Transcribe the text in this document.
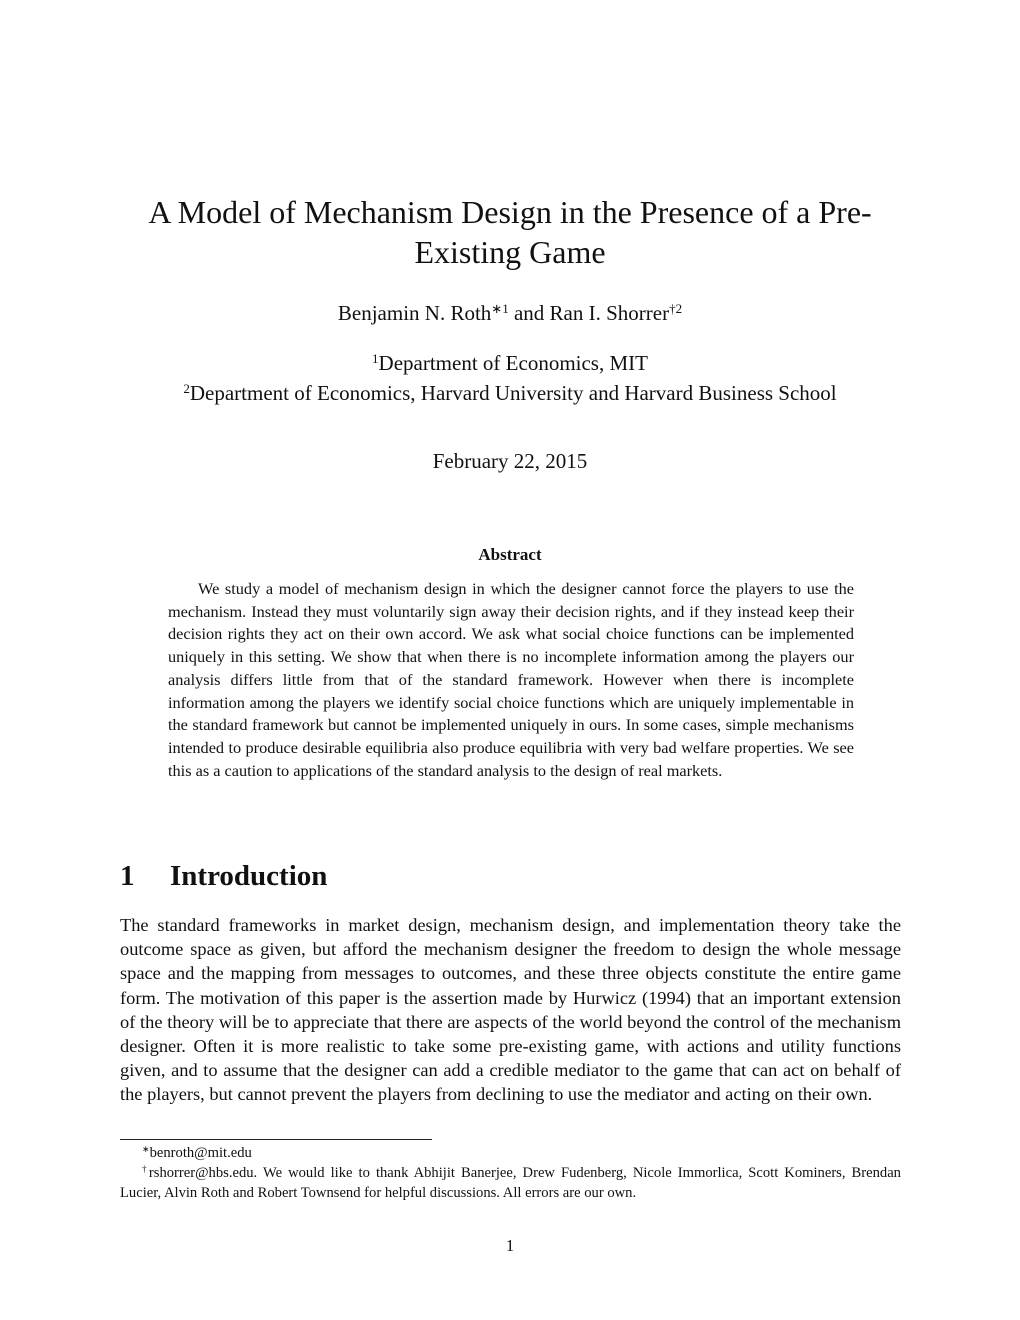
A Model of Mechanism Design in the Presence of a Pre-Existing Game
Benjamin N. Roth$^{∗1}$ and Ran I. Shorrer$^{\dagger 2}$
$^1$Department of Economics, MIT
$^2$Department of Economics, Harvard University and Harvard Business School
February 22, 2015
Abstract

We study a model of mechanism design in which the designer cannot force the players to use the mechanism. Instead they must voluntarily sign away their decision rights, and if they instead keep their decision rights they act on their own accord. We ask what social choice functions can be implemented uniquely in this setting. We show that when there is no incomplete information among the players our analysis differs little from that of the standard framework. However when there is incomplete information among the players we identify social choice functions which are uniquely implementable in the standard framework but cannot be implemented uniquely in ours. In some cases, simple mechanisms intended to produce desirable equilibria also produce equilibria with very bad welfare properties. We see this as a caution to applications of the standard analysis to the design of real markets.

1 Introduction

The standard frameworks in market design, mechanism design, and implementation theory take the outcome space as given, but afford the mechanism designer the freedom to design the whole message space and the mapping from messages to outcomes, and these three objects constitute the entire game form. The motivation of this paper is the assertion made by Hurwicz (1994) that an important extension of the theory will be to appreciate that there are aspects of the world beyond the control of the mechanism designer. Often it is more realistic to take some pre-existing game, with actions and utility functions given, and to assume that the designer can add a credible mediator to the game that can act on behalf of the players, but cannot prevent the players from declining to use the mediator and acting on their own.

∗benroth@mit.edu
†rshorrer@hbs.edu. We would like to thank Abhijit Banerjee, Drew Fudenberg, Nicole Immorlica, Scott Kominers, Brendan Lucier, Alvin Roth and Robert Townsend for helpful discussions. All errors are our own.
1
